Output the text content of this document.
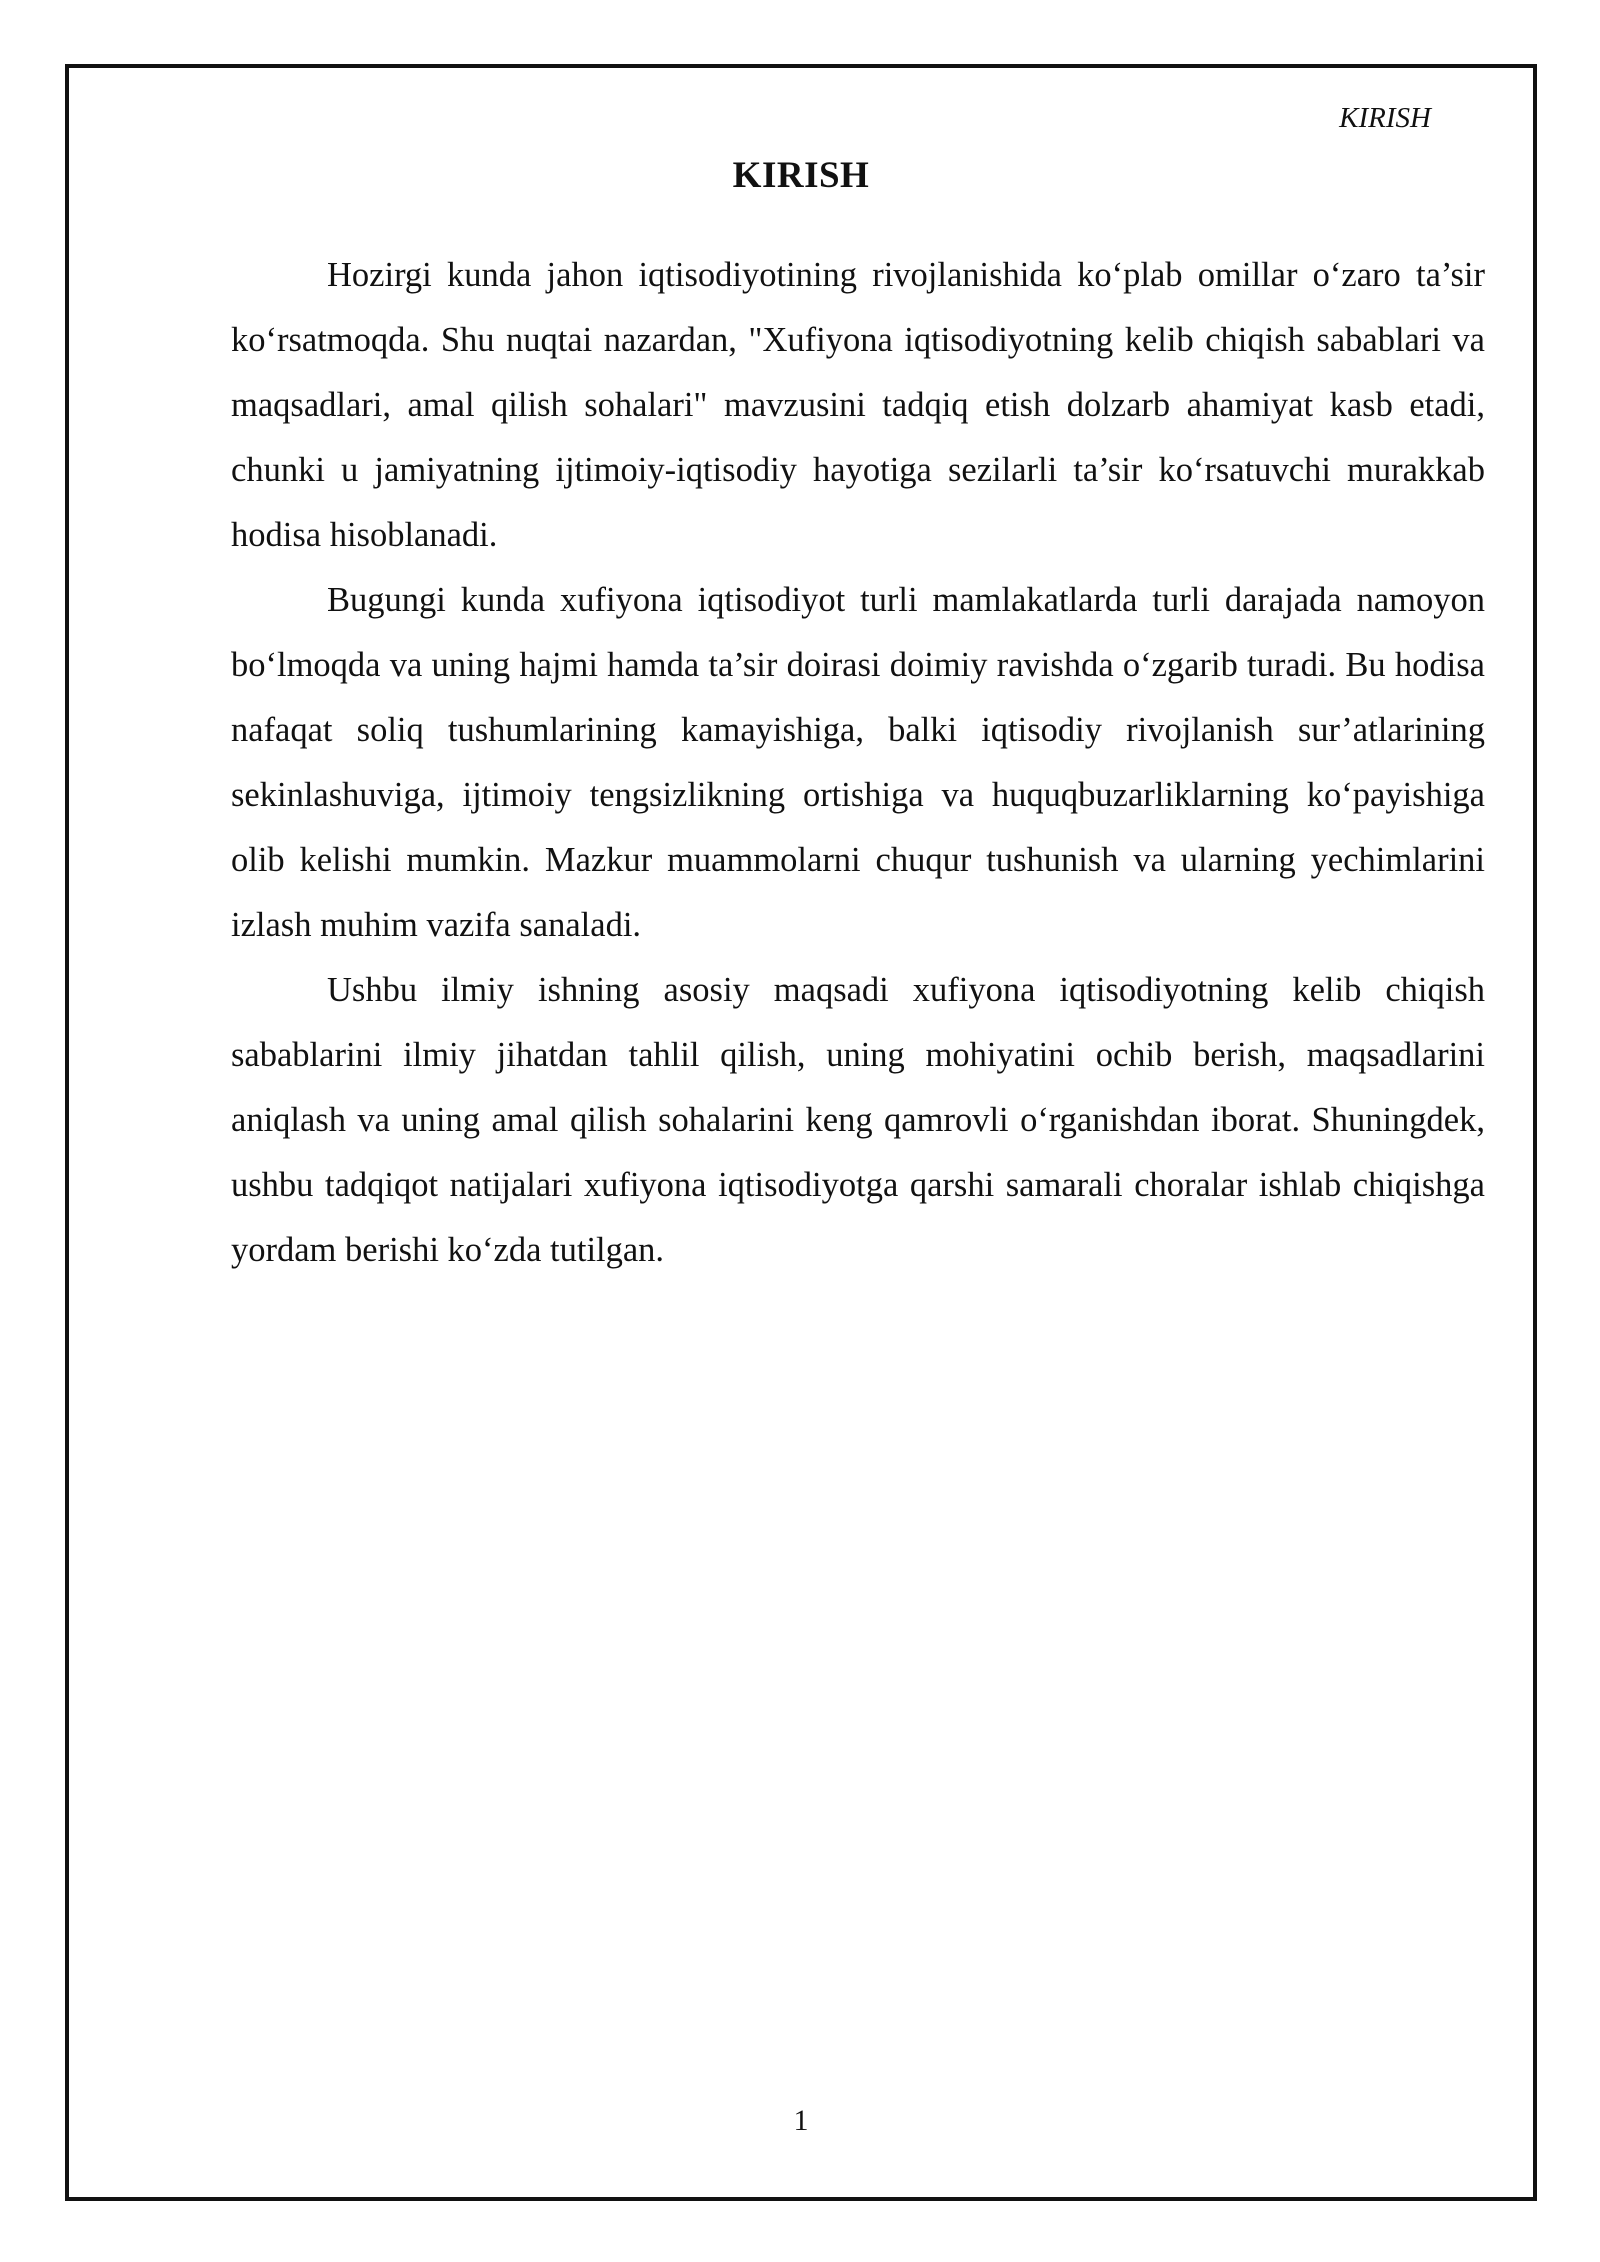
KIRISH
KIRISH

Hozirgi kunda jahon iqtisodiyotining rivojlanishida ko‘plab omillar o‘zaro ta’sir ko‘rsatmoqda. Shu nuqtai nazardan, "Xufiyona iqtisodiyotning kelib chiqish sabablari va maqsadlari, amal qilish sohalari" mavzusini tadqiq etish dolzarb ahamiyat kasb etadi, chunki u jamiyatning ijtimoiy-iqtisodiy hayotiga sezilarli ta’sir ko‘rsatuvchi murakkab hodisa hisoblanadi.

Bugungi kunda xufiyona iqtisodiyot turli mamlakatlarda turli darajada namoyon bo‘lmoqda va uning hajmi hamda ta’sir doirasi doimiy ravishda o‘zgarib turadi. Bu hodisa nafaqat soliq tushumlarining kamayishiga, balki iqtisodiy rivojlanish sur’atlarining sekinlashuviga, ijtimoiy tengsizlikning ortishiga va huquqbuzarliklarning ko‘payishiga olib kelishi mumkin. Mazkur muammolarni chuqur tushunish va ularning yechimlarini izlash muhim vazifa sanaladi.

Ushbu ilmiy ishning asosiy maqsadi xufiyona iqtisodiyotning kelib chiqish sabablarini ilmiy jihatdan tahlil qilish, uning mohiyatini ochib berish, maqsadlarini aniqlash va uning amal qilish sohalarini keng qamrovli o‘rganishdan iborat. Shuningdek, ushbu tadqiqot natijalari xufiyona iqtisodiyotga qarshi samarali choralar ishlab chiqishga yordam berishi ko‘zda tutilgan.

1
